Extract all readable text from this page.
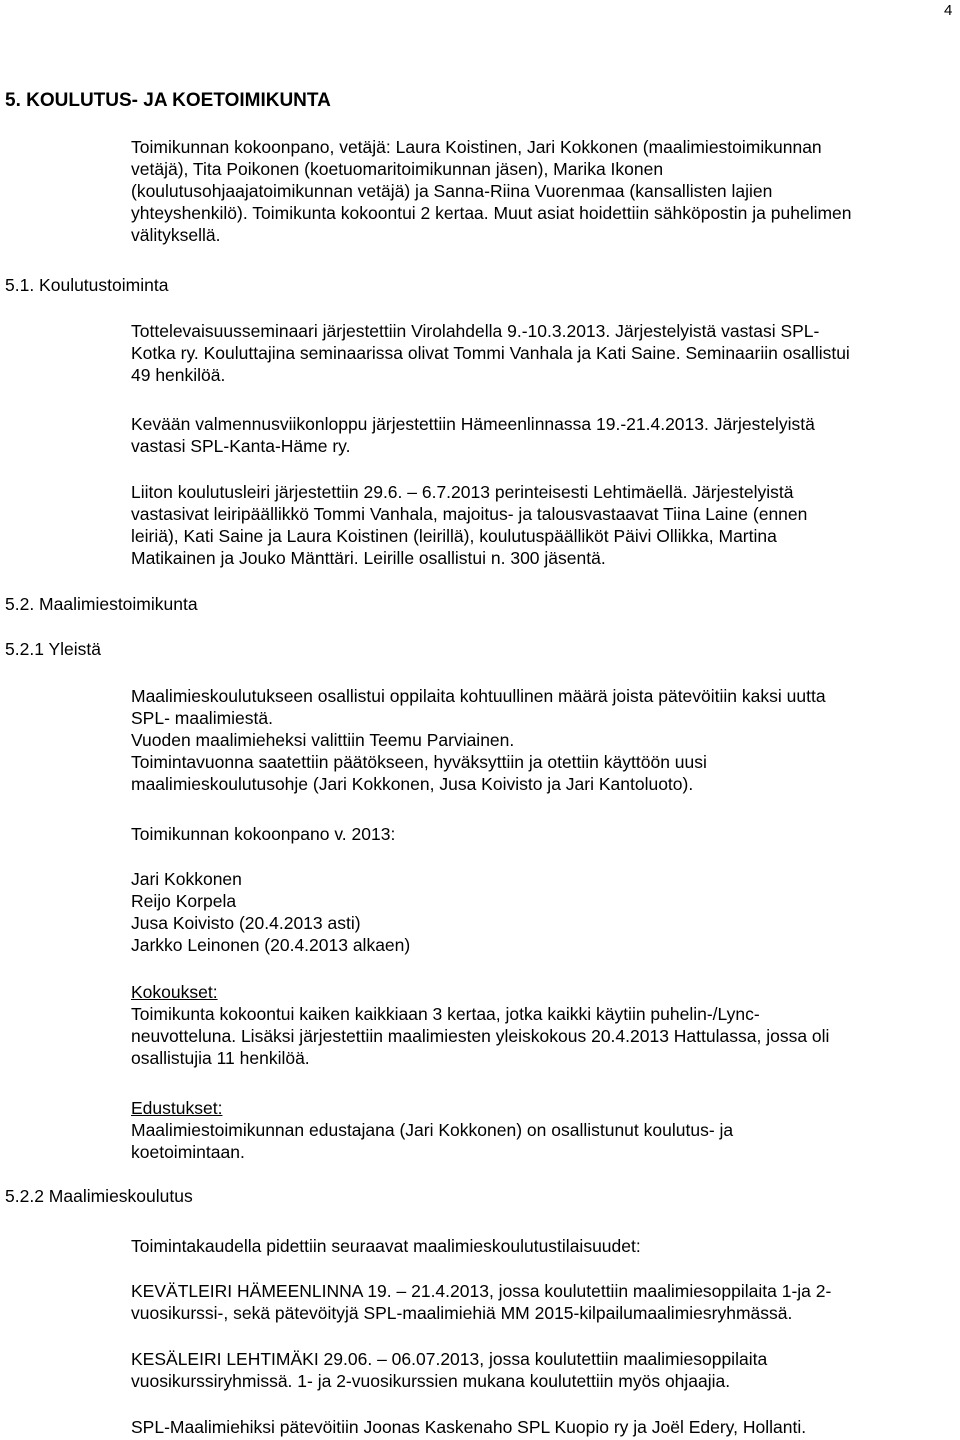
4
5. KOULUTUS- JA KOETOIMIKUNTA
5.1. Koulutustoiminta
5.2. Maalimiestoimikunta
5.2.1 Yleistä
5.2.2 Maalimieskoulutus
Toimikunnan kokoonpano, vetäjä: Laura Koistinen, Jari Kokkonen (maalimiestoimikunnan
vetäjä), Tita Poikonen (koetuomaritoimikunnan jäsen), Marika Ikonen
(koulutusohjaajatoimikunnan vetäjä) ja Sanna-Riina Vuorenmaa (kansallisten lajien
yhteyshenkilö). Toimikunta kokoontui 2 kertaa. Muut asiat hoidettiin sähköpostin ja puhelimen
välityksellä.
Tottelevaisuusseminaari järjestettiin Virolahdella 9.-10.3.2013. Järjestelyistä vastasi SPL-
Kotka ry. Kouluttajina seminaarissa olivat Tommi Vanhala ja Kati Saine. Seminaariin osallistui
49 henkilöä.
Kevään valmennusviikonloppu järjestettiin Hämeenlinnassa 19.-21.4.2013. Järjestelyistä
vastasi SPL-Kanta-Häme ry.
Liiton koulutusleiri järjestettiin 29.6. – 6.7.2013 perinteisesti Lehtimäellä. Järjestelyistä
vastasivat leiripäällikkö Tommi Vanhala, majoitus- ja talousvastaavat Tiina Laine (ennen
leiriä), Kati Saine ja Laura Koistinen (leirillä), koulutuspäälliköt Päivi Ollikka, Martina
Matikainen ja Jouko Mänttäri. Leirille osallistui n. 300 jäsentä.
Maalimieskoulutukseen osallistui oppilaita kohtuullinen määrä joista pätevöitiin kaksi uutta
SPL- maalimiestä.
Vuoden maalimieheksi valittiin Teemu Parviainen.
Toimintavuonna saatettiin päätökseen, hyväksyttiin ja otettiin käyttöön uusi
maalimieskoulutusohje (Jari Kokkonen, Jusa Koivisto ja Jari Kantoluoto).
Toimikunnan kokoonpano v. 2013:
Jari Kokkonen
Reijo Korpela
Jusa Koivisto (20.4.2013 asti)
Jarkko Leinonen (20.4.2013 alkaen)
Kokoukset:
Toimikunta kokoontui kaiken kaikkiaan 3 kertaa, jotka kaikki käytiin puhelin-/Lync-
neuvotteluna. Lisäksi järjestettiin maalimiesten yleiskokous 20.4.2013 Hattulassa, jossa oli
osallistujia 11 henkilöä.
Edustukset:
Maalimiestoimikunnan edustajana (Jari Kokkonen) on osallistunut koulutus- ja
koetoimintaan.
Toimintakaudella pidettiin seuraavat maalimieskoulutustilaisuudet:
KEVÄTLEIRI HÄMEENLINNA 19. – 21.4.2013, jossa koulutettiin maalimiesoppilaita 1-ja 2-
vuosikurssi-, sekä pätevöityjä SPL-maalimiehiä MM 2015-kilpailumaalimiesryhmässä.
KESÄLEIRI LEHTIMÄKI 29.06. – 06.07.2013, jossa koulutettiin maalimiesoppilaita
vuosikurssiryhmissä. 1- ja 2-vuosikurssien mukana koulutettiin myös ohjaajia.
SPL-Maalimiehiksi pätevöitiin Joonas Kaskenaho SPL Kuopio ry ja Joël Edery, Hollanti.
